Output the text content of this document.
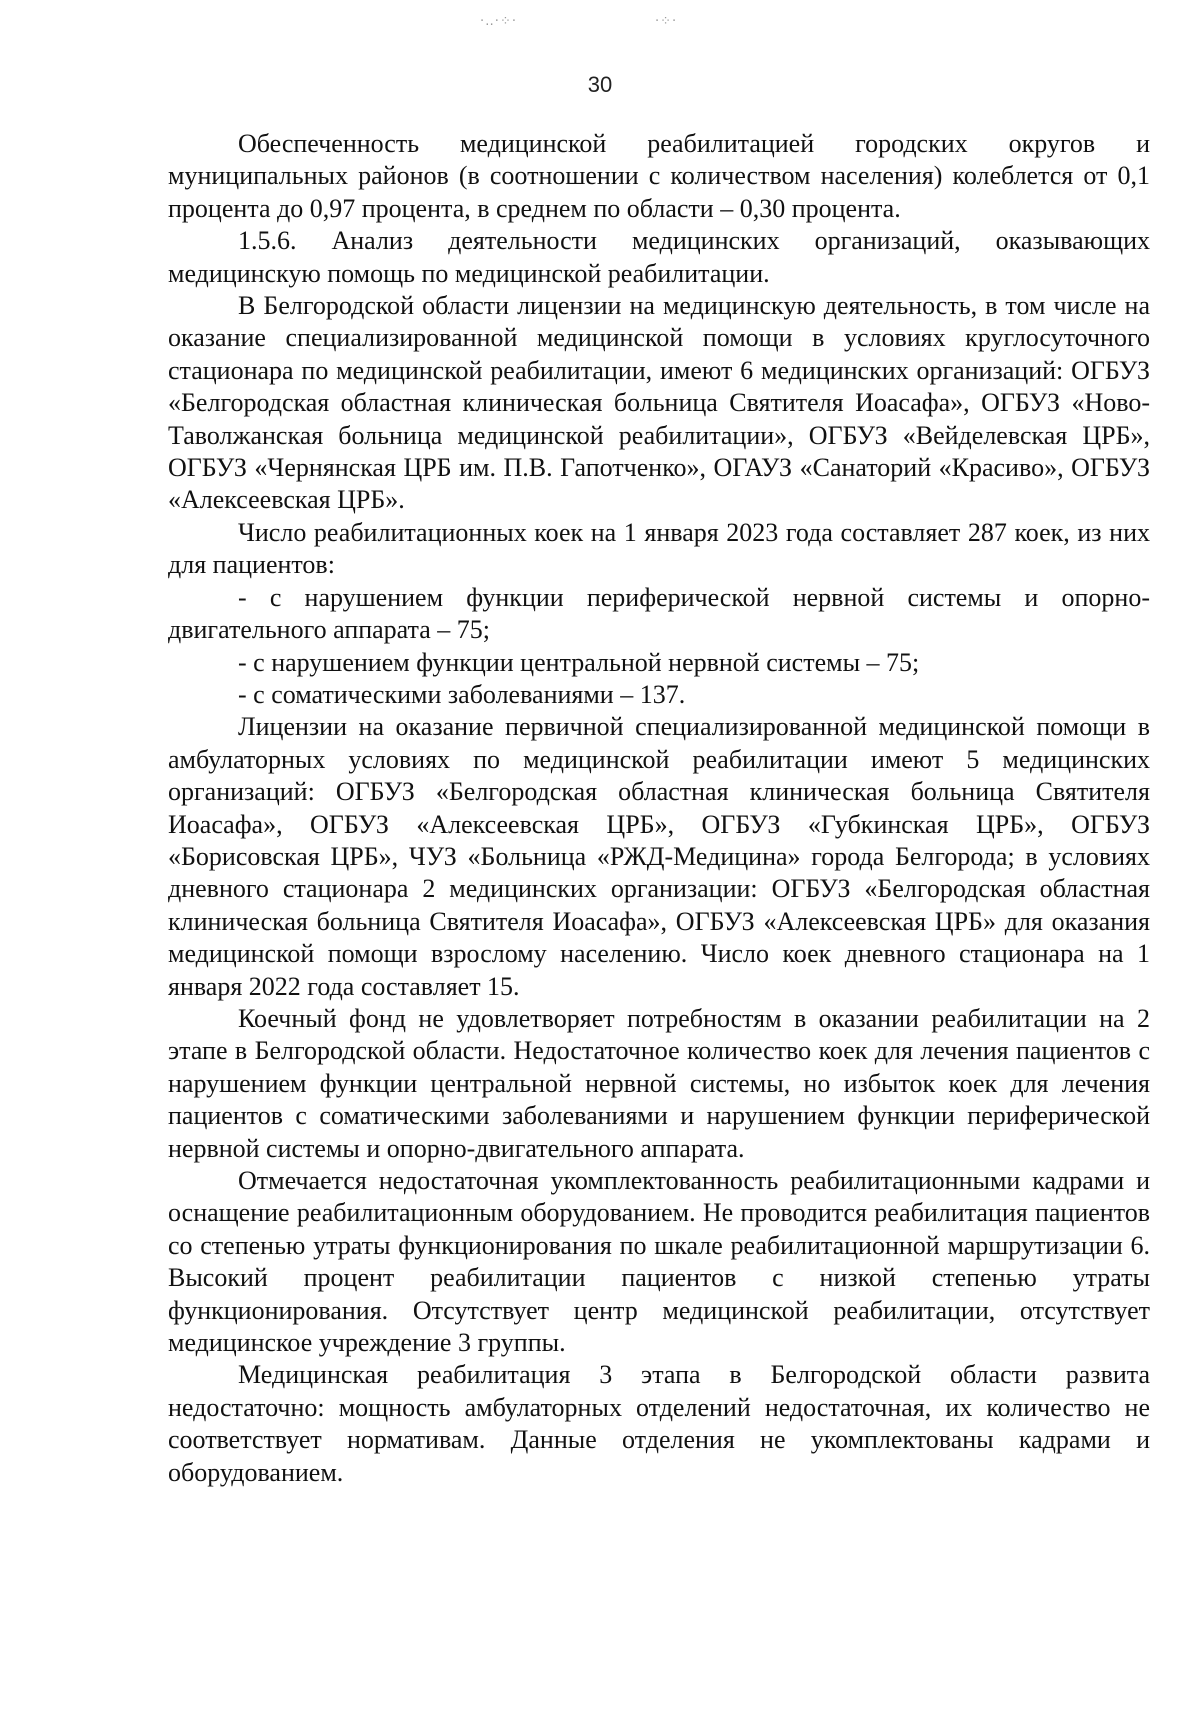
·‥·⁘·	·⁘·
30

Обеспеченность медицинской реабилитацией городских округов и муниципальных районов (в соотношении с количеством населения) колеблется от 0,1 процента до 0,97 процента, в среднем по области – 0,30 процента.

1.5.6. Анализ деятельности медицинских организаций, оказывающих медицинскую помощь по медицинской реабилитации.

В Белгородской области лицензии на медицинскую деятельность, в том числе на оказание специализированной медицинской помощи в условиях круглосуточного стационара по медицинской реабилитации, имеют 6 медицинских организаций: ОГБУЗ «Белгородская областная клиническая больница Святителя Иоасафа», ОГБУЗ «Ново-Таволжанская больница медицинской реабилитации», ОГБУЗ «Вейделевская ЦРБ», ОГБУЗ «Чернянская ЦРБ им. П.В. Гапотченко», ОГАУЗ «Санаторий «Красиво», ОГБУЗ «Алексеевская ЦРБ».

Число реабилитационных коек на 1 января 2023 года составляет 287 коек, из них для пациентов:

- с нарушением функции периферической нервной системы и опорно-двигательного аппарата – 75;

- с нарушением функции центральной нервной системы – 75;

- с соматическими заболеваниями – 137.

Лицензии на оказание первичной специализированной медицинской помощи в амбулаторных условиях по медицинской реабилитации имеют 5 медицинских организаций: ОГБУЗ «Белгородская областная клиническая больница Святителя Иоасафа», ОГБУЗ «Алексеевская ЦРБ», ОГБУЗ «Губкинская ЦРБ», ОГБУЗ «Борисовская ЦРБ», ЧУЗ «Больница «РЖД-Медицина» города Белгорода; в условиях дневного стационара 2 медицинских организации: ОГБУЗ «Белгородская областная клиническая больница Святителя Иоасафа», ОГБУЗ «Алексеевская ЦРБ» для оказания медицинской помощи взрослому населению. Число коек дневного стационара на 1 января 2022 года составляет 15.

Коечный фонд не удовлетворяет потребностям в оказании реабилитации на 2 этапе в Белгородской области. Недостаточное количество коек для лечения пациентов с нарушением функции центральной нервной системы, но избыток коек для лечения пациентов с соматическими заболеваниями и нарушением функции периферической нервной системы и опорно-двигательного аппарата.

Отмечается недостаточная укомплектованность реабилитационными кадрами и оснащение реабилитационным оборудованием. Не проводится реабилитация пациентов со степенью утраты функционирования по шкале реабилитационной маршрутизации 6. Высокий процент реабилитации пациентов с низкой степенью утраты функционирования. Отсутствует центр медицинской реабилитации, отсутствует медицинское учреждение 3 группы.

Медицинская реабилитация 3 этапа в Белгородской области развита недостаточно: мощность амбулаторных отделений недостаточная, их количество не соответствует нормативам. Данные отделения не укомплектованы кадрами и оборудованием.
